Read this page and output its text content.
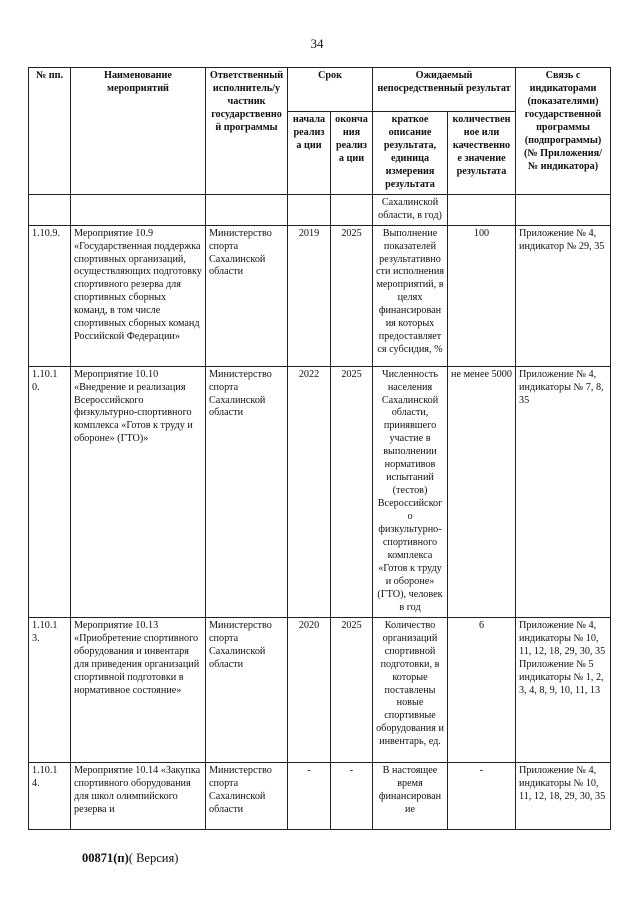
34
№ пп.	Наименование мероприятий	Ответственный исполнитель/у частник государственно й программы	Срок		Ожидаемый непосредственный результат		Связь с индикаторами (показателями) государственной программы (подпрограммы) (№ Приложения/№ индикатора)
			начала реализа ции	оконча ния реализа ции	краткое описание результата, единица измерения результата	количествен ное или качественно е значение результата	
					Сахалинской области, в год)		
1.10.9.	Мероприятие 10.9 «Государственная поддержка спортивных организаций, осуществляющих подготовку спортивного резерва для спортивных сборных команд, в том числе спортивных сборных команд Российской Федерации»	Министерство спорта Сахалинской области	2019	2025	Выполнение показателей результативно сти исполнения мероприятий, в целях финансирован ия которых предоставляет ся субсидия, %	100	Приложение № 4, индикатор № 29, 35
1.10.1 0.	Мероприятие 10.10 «Внедрение и реализация Всероссийского физкультурно-спортивного комплекса «Готов к труду и обороне» (ГТО)»	Министерство спорта Сахалинской области	2022	2025	Численность населения Сахалинской области, принявшего участие в выполнении нормативов испытаний (тестов) Всероссийског о физкультурно-спортивного комплекса «Готов к труду и обороне» (ГТО), человек в год	не менее 5000	Приложение № 4, индикаторы № 7, 8, 35
1.10.1 3.	Мероприятие 10.13 «Приобретение спортивного оборудования и инвентаря для приведения организаций спортивной подготовки в нормативное состояние»	Министерство спорта Сахалинской области	2020	2025	Количество организаций спортивной подготовки, в которые поставлены новые спортивные оборудования и инвентарь, ед.	6	Приложение № 4, индикаторы № 10, 11, 12, 18, 29, 30, 35
Приложение № 5 индикаторы № 1, 2, 3, 4, 8, 9, 10, 11, 13
1.10.1 4.	Мероприятие 10.14 «Закупка спортивного оборудования для школ олимпийского резерва и	Министерство спорта Сахалинской области	-	-	В настоящее время финансирован ие	-	Приложение № 4, индикаторы № 10, 11, 12, 18, 29, 30, 35
00871(п)( Версия)
